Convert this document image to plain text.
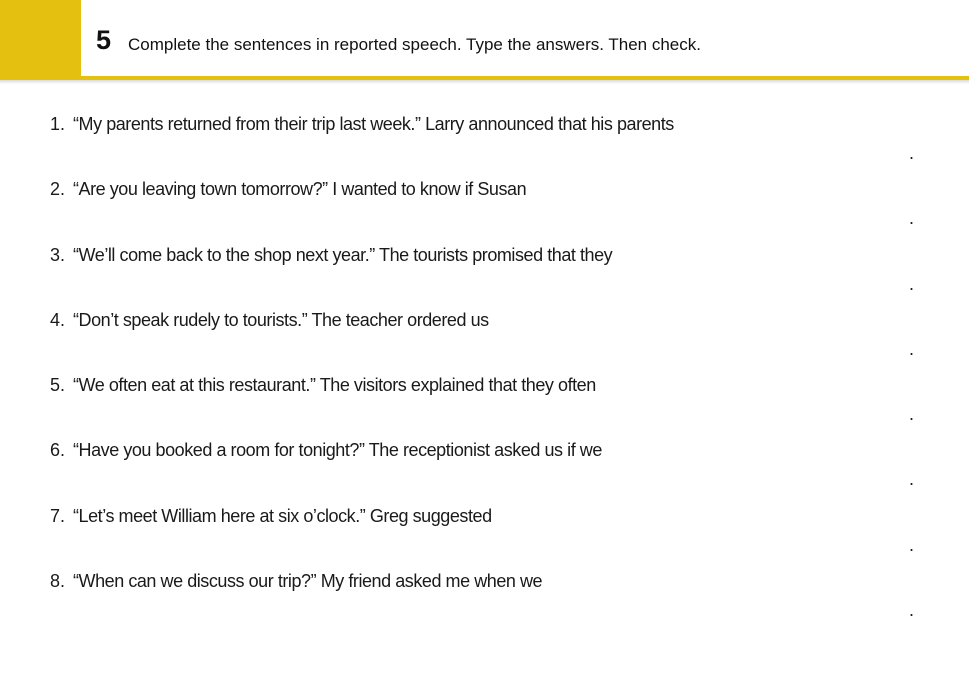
5 Complete the sentences in reported speech. Type the answers. Then check.
1. “My parents returned from their trip last week.” Larry announced that his parents
.
2. “Are you leaving town tomorrow?” I wanted to know if Susan
.
3. “We’ll come back to the shop next year.” The tourists promised that they
.
4. “Don’t speak rudely to tourists.” The teacher ordered us
.
5. “We often eat at this restaurant.” The visitors explained that they often
.
6. “Have you booked a room for tonight?” The receptionist asked us if we
.
7. “Let’s meet William here at six o’clock.” Greg suggested
.
8. “When can we discuss our trip?” My friend asked me when we
.
